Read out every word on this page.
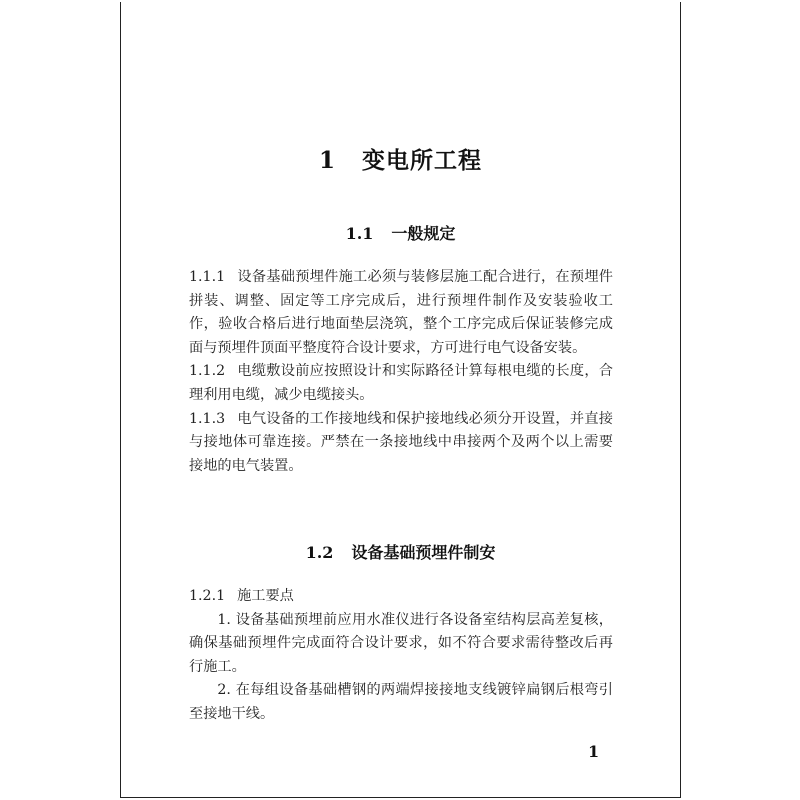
1 变电所工程
1.1 一般规定

1.1.1 设备基础预埋件施工必须与装修层施工配合进行，在预埋件拼装、调整、固定等工序完成后，进行预埋件制作及安装验收工作，验收合格后进行地面垫层浇筑，整个工序完成后保证装修完成面与预埋件顶面平整度符合设计要求，方可进行电气设备安装。

1.1.2 电缆敷设前应按照设计和实际路径计算每根电缆的长度，合理利用电缆，减少电缆接头。

1.1.3 电气设备的工作接地线和保护接地线必须分开设置，并直接与接地体可靠连接。严禁在一条接地线中串接两个及两个以上需要接地的电气装置。

1.2 设备基础预埋件制安

1.2.1 施工要点

1. 设备基础预埋前应用水准仪进行各设备室结构层高差复核，确保基础预埋件完成面符合设计要求，如不符合要求需待整改后再行施工。

2. 在每组设备基础槽钢的两端焊接接地支线镀锌扁钢后根弯引至接地干线。

1
